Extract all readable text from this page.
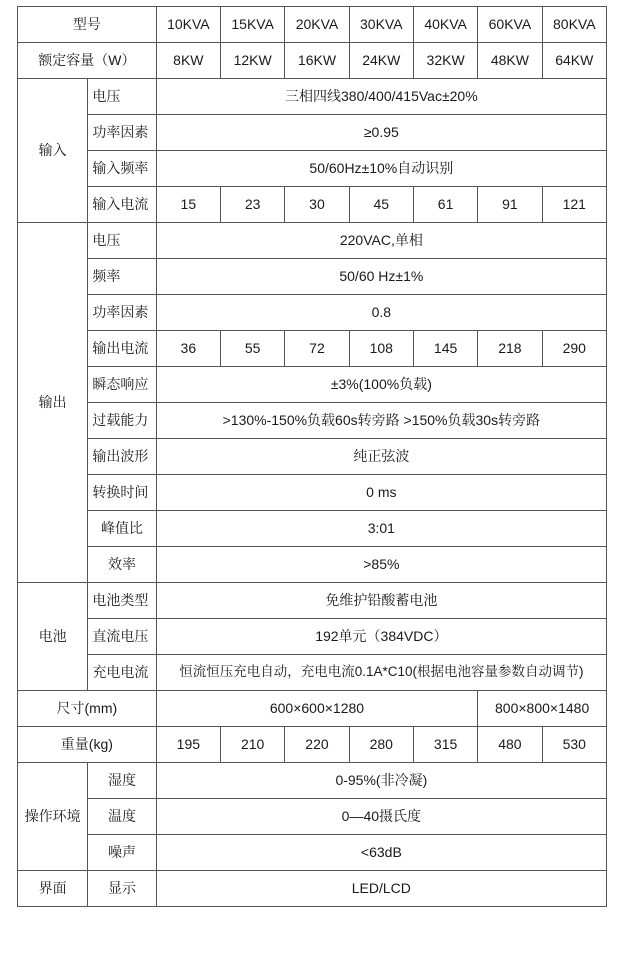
型号		10KVA	15KVA	20KVA	30KVA	40KVA	60KVA	80KVA
额定容量（W）		8KW	12KW	16KW	24KW	32KW	48KW	64KW
输入	电压	三相四线380/400/415Vac±20%						
	功率因素	≥0.95						
	输入频率	50/60Hz±10%自动识别						
	输入电流	15	23	30	45	61	91	121
输出	电压	220VAC,单相						
	频率	50/60 Hz±1%						
	功率因素	0.8						
	输出电流	36	55	72	108	145	218	290
	瞬态响应	±3%(100%负载)						
	过载能力	>130%-150%负载60s转旁路 >150%负载30s转旁路						
	输出波形	纯正弦波						
	转换时间	0 ms						
	峰值比	3:01						
	效率	>85%						
电池	电池类型	免维护铅酸蓄电池						
	直流电压	192单元（384VDC）						
	充电电流	恒流恒压充电自动，充电电流0.1A*C10(根据电池容量参数自动调节)						
尺寸(mm)		600×600×1280					800×800×1480	
重量(kg)		195	210	220	280	315	480	530
操作环境	湿度	0-95%(非冷凝)						
	温度	0—40摄氏度						
	噪声	<63dB						
界面	显示	LED/LCD						
